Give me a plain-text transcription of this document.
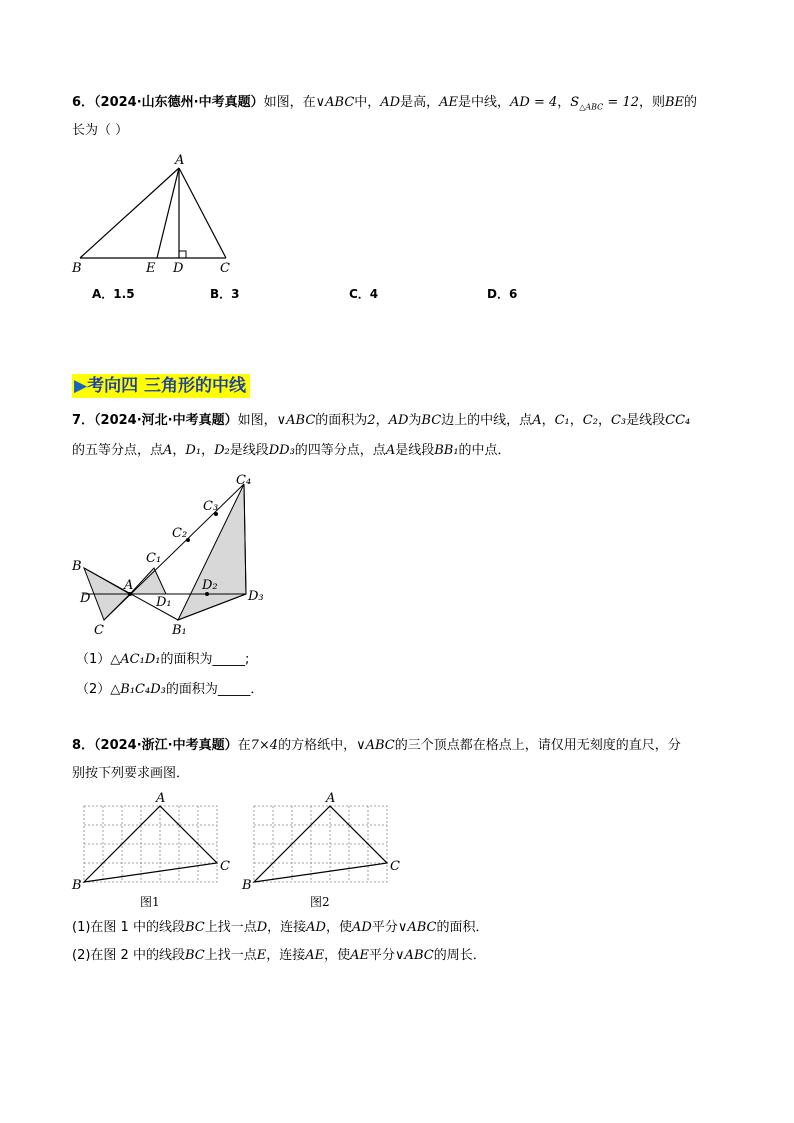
6．（2024·山东德州·中考真题）如图，在∨ABC中，AD是高，AE是中线，AD = 4，$S_{\triangle ABC} = 12$，则BE的
长为（ ）
A
B	E D	C
A．1.5	B．3	C．4	D．6
▶考向四 三角形的中线
7．（2024·河北·中考真题）如图，∨ABC的面积为2，AD为BC边上的中线，点A，C₁，C₂，C₃是线段CC₄
的五等分点，点A，D₁，D₂是线段DD₃的四等分点，点A是线段BB₁的中点．
B
A
D
C
C₁
C₂
C₃
C₄
D₁
D₂
D₃
B₁
（1）△AC₁D₁的面积为_____;
（2）△B₁C₄D₃的面积为_____．
8．（2024·浙江·中考真题）在7×4的方格纸中，∨ABC的三个顶点都在格点上，请仅用无刻度的直尺，分
别按下列要求画图．
A
B
C
图1
A
B
C
图2
(1)在图 1 中的线段BC上找一点D，连接AD，使AD平分∨ABC的面积．
(2)在图 2 中的线段BC上找一点E，连接AE，使AE平分∨ABC的周长．
